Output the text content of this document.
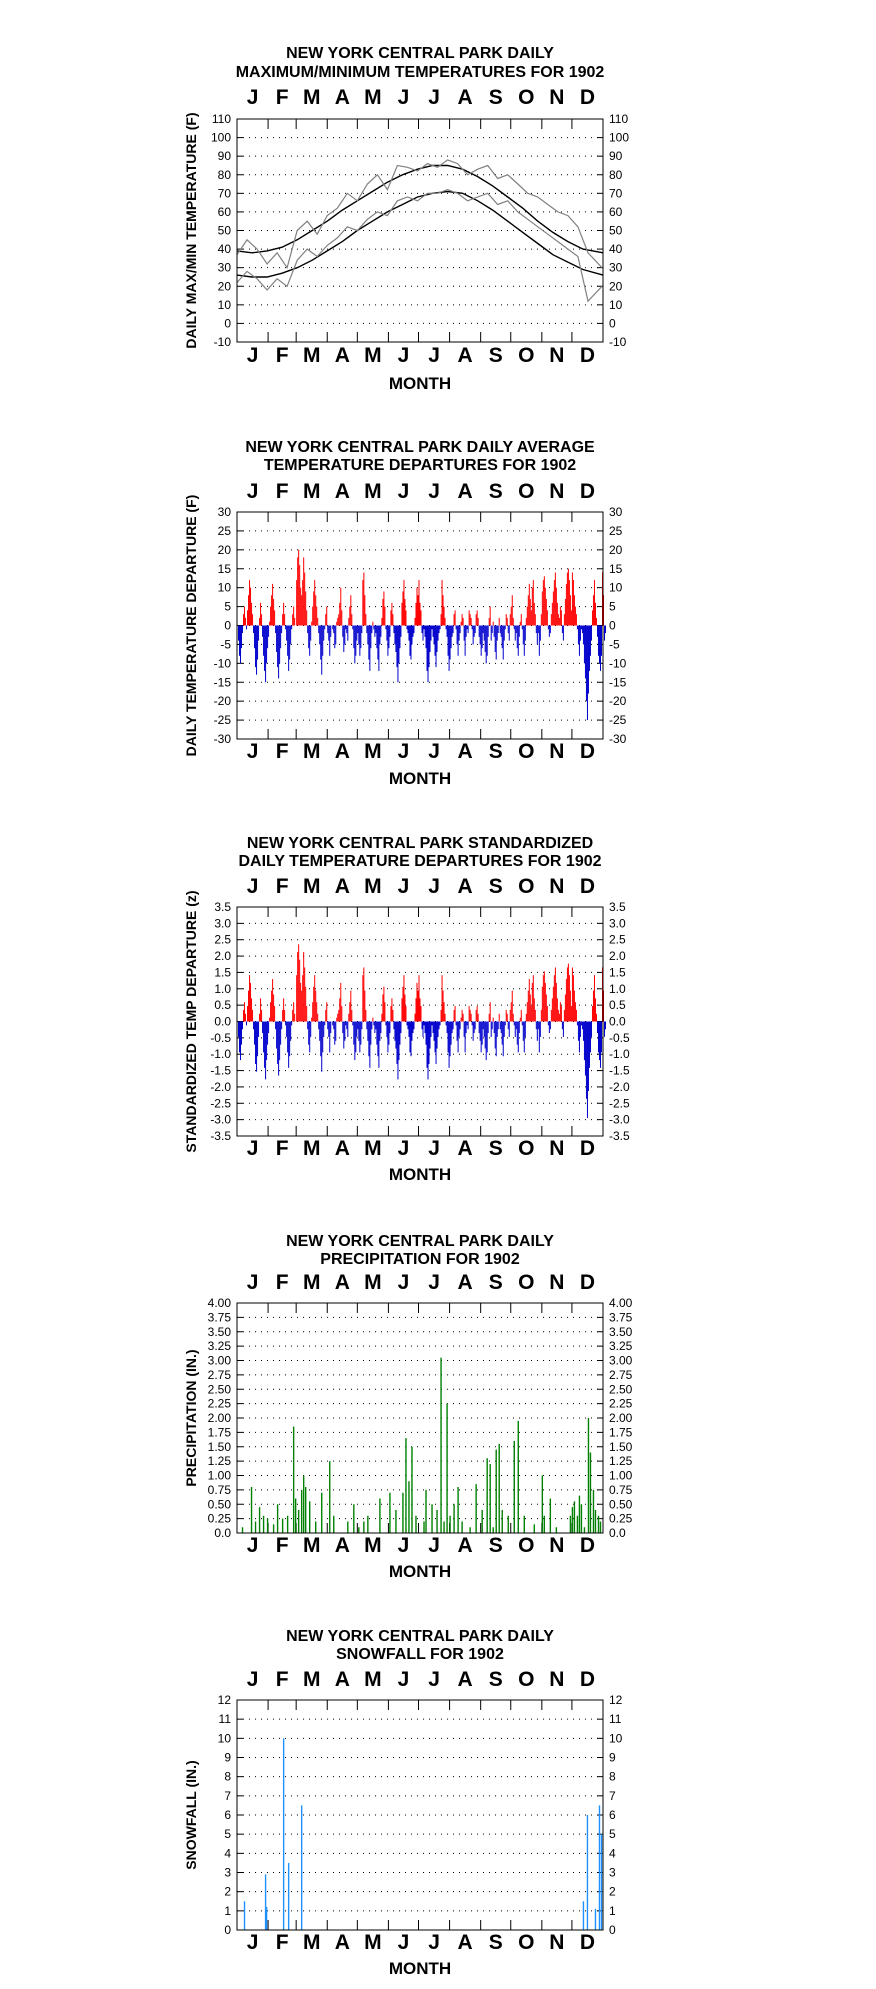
NEW YORK CENTRAL PARK DAILY
MAXIMUM/MINIMUM TEMPERATURES FOR 1902
-10	-10
0	0
10	10
20	20
30	30
40	40
50	50
60	60
70	70
80	80
90	90
100	100
110	110
J
J
F
F
M
M
A
A
M
M
J
J
J
J
A
A
S
S
O
O
N
N
D
D
MONTH
DAILY MAX/MIN TEMPERATURE (F)
NEW YORK CENTRAL PARK DAILY AVERAGE
TEMPERATURE DEPARTURES FOR 1902
-30	-30
-25	-25
-20	-20
-15	-15
-10	-10
-5	-5
0	0
5	5
10	10
15	15
20	20
25	25
30	30
J
J
F
F
M
M
A
A
M
M
J
J
J
J
A
A
S
S
O
O
N
N
D
D
MONTH
DAILY TEMPERATURE DEPARTURE (F)
NEW YORK CENTRAL PARK STANDARDIZED
DAILY TEMPERATURE DEPARTURES FOR 1902
-3.5	-3.5
-3.0	-3.0
-2.5	-2.5
-2.0	-2.0
-1.5	-1.5
-1.0	-1.0
-0.5	-0.5
0.0	0.0
0.5	0.5
1.0	1.0
1.5	1.5
2.0	2.0
2.5	2.5
3.0	3.0
3.5	3.5
J
J
F
F
M
M
A
A
M
M
J
J
J
J
A
A
S
S
O
O
N
N
D
D
MONTH
STANDARDIZED TEMP DEPARTURE (z)
NEW YORK CENTRAL PARK DAILY
PRECIPITATION FOR 1902
0.0	0.0
0.25	0.25
0.50	0.50
0.75	0.75
1.00	1.00
1.25	1.25
1.50	1.50
1.75	1.75
2.00	2.00
2.25	2.25
2.50	2.50
2.75	2.75
3.00	3.00
3.25	3.25
3.50	3.50
3.75	3.75
4.00	4.00
J
J
F
F
M
M
A
A
M
M
J
J
J
J
A
A
S
S
O
O
N
N
D
D
MONTH
PRECIPITATION (IN.)
NEW YORK CENTRAL PARK DAILY
SNOWFALL FOR 1902
0	0
1	1
2	2
3	3
4	4
5	5
6	6
7	7
8	8
9	9
10	10
11	11
12	12
J
J
F
F
M
M
A
A
M
M
J
J
J
J
A
A
S
S
O
O
N
N
D
D
MONTH
SNOWFALL (IN.)
